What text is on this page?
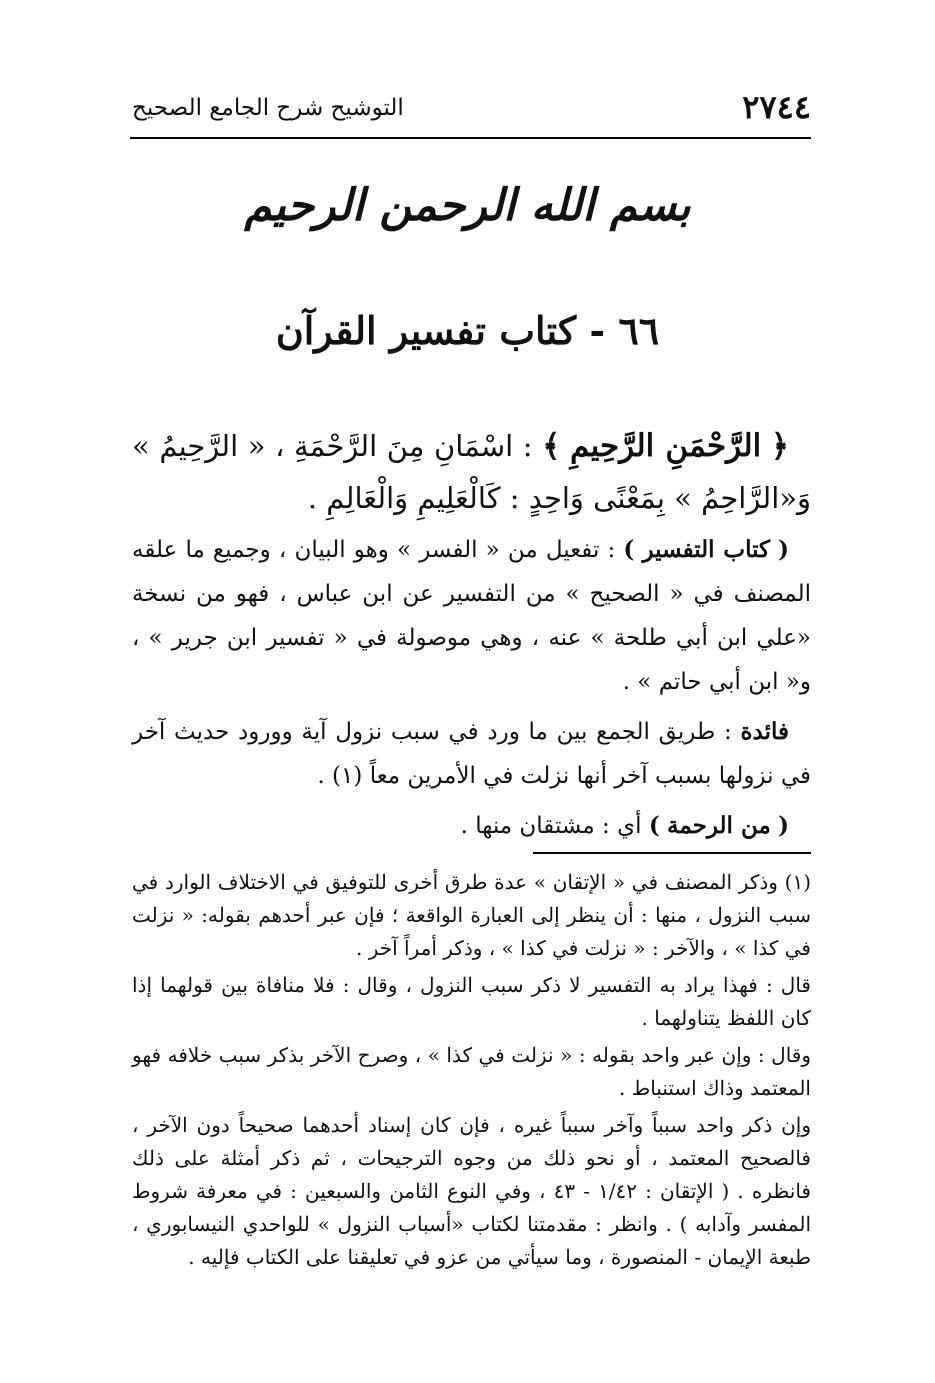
٢٧٤٤
التوشيح شرح الجامع الصحيح
بسم الله الرحمن الرحيم
٦٦ - كتاب تفسير القرآن

﴿ الرَّحْمَنِ الرَّحِيمِ ﴾ : اسْمَانِ مِنَ الرَّحْمَةِ ، « الرَّحِيمُ » وَ«الرَّاحِمُ » بِمَعْنًى وَاحِدٍ : كَالْعَلِيمِ وَالْعَالِمِ .

( كتاب التفسير ) : تفعيل من « الفسر » وهو البيان ، وجميع ما علقه المصنف في « الصحيح » من التفسير عن ابن عباس ، فهو من نسخة «علي ابن أبي طلحة » عنه ، وهي موصولة في « تفسير ابن جرير » ، و« ابن أبي حاتم » .

فائدة : طريق الجمع بين ما ورد في سبب نزول آية وورود حديث آخر في نزولها بسبب آخر أنها نزلت في الأمرين معاً (١) .

( من الرحمة ) أي : مشتقان منها .

(١) وذكر المصنف في « الإتقان » عدة طرق أخرى للتوفيق في الاختلاف الوارد في سبب النزول ، منها : أن ينظر إلى العبارة الواقعة ؛ فإن عبر أحدهم بقوله: « نزلت في كذا » ، والآخر : « نزلت في كذا » ، وذكر أمراً آخر .

قال : فهذا يراد به التفسير لا ذكر سبب النزول ، وقال : فلا منافاة بين قولهما إذا كان اللفظ يتناولهما .

وقال : وإن عبر واحد بقوله : « نزلت في كذا » ، وصرح الآخر بذكر سبب خلافه فهو المعتمد وذاك استنباط .

وإن ذكر واحد سبباً وآخر سبباً غيره ، فإن كان إسناد أحدهما صحيحاً دون الآخر ، فالصحيح المعتمد ، أو نحو ذلك من وجوه الترجيحات ، ثم ذكر أمثلة على ذلك فانظره . ( الإتقان : ١/٤٢ - ٤٣ ، وفي النوع الثامن والسبعين : في معرفة شروط المفسر وآدابه ) . وانظر : مقدمتنا لكتاب «أسباب النزول » للواحدي النيسابوري ، طبعة الإيمان - المنصورة ، وما سيأتي من عزو في تعليقنا على الكتاب فإليه .
